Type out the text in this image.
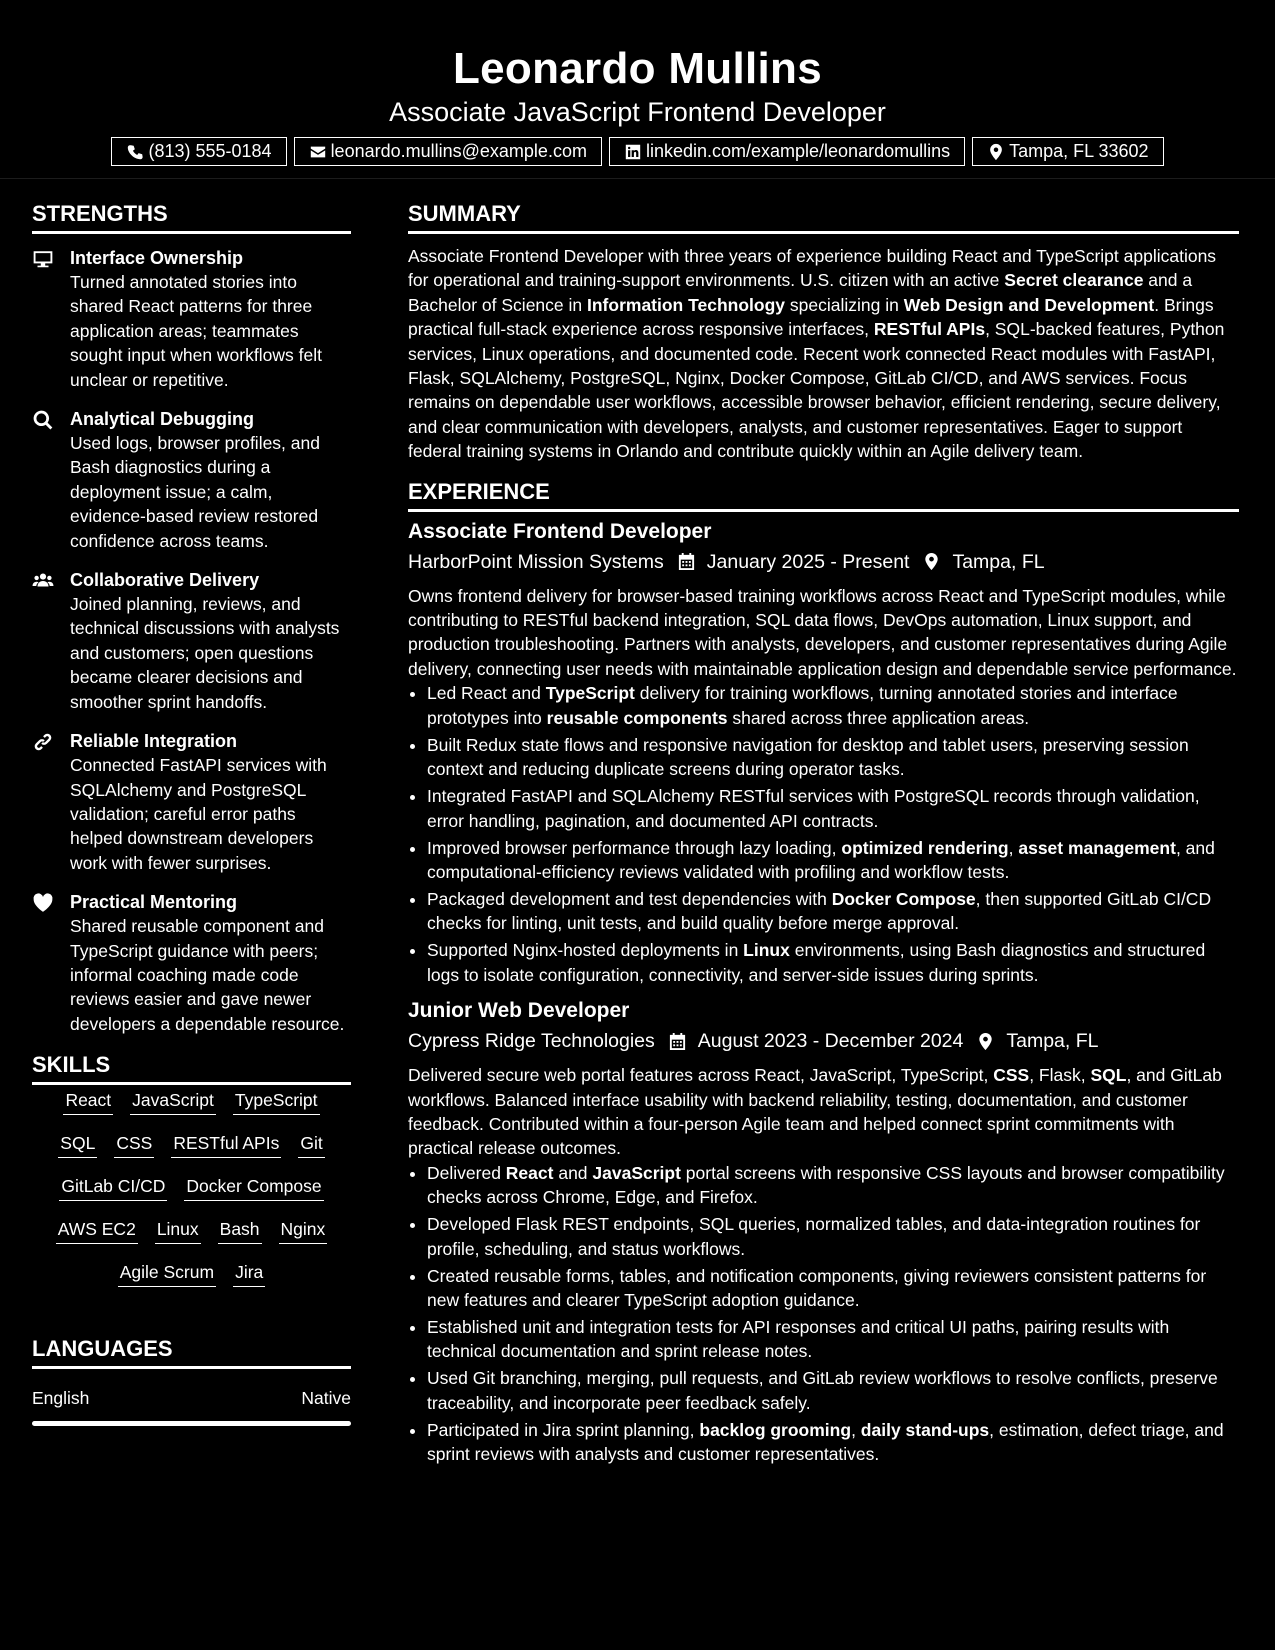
Leonardo Mullins
Associate JavaScript Frontend Developer
(813) 555-0184	leonardo.mullins@example.com	linkedin.com/example/leonardomullins	Tampa, FL 33602
STRENGTHS
Interface Ownership
Turned annotated stories into shared React patterns for three application areas; teammates sought input when workflows felt unclear or repetitive.
Analytical Debugging
Used logs, browser profiles, and Bash diagnostics during a deployment issue; a calm, evidence-based review restored confidence across teams.
Collaborative Delivery
Joined planning, reviews, and technical discussions with analysts and customers; open questions became clearer decisions and smoother sprint handoffs.
Reliable Integration
Connected FastAPI services with SQLAlchemy and PostgreSQL validation; careful error paths helped downstream developers work with fewer surprises.
Practical Mentoring
Shared reusable component and TypeScript guidance with peers; informal coaching made code reviews easier and gave newer developers a dependable resource.
SKILLS
React JavaScript TypeScript
SQL CSS RESTful APIs Git
GitLab CI/CD Docker Compose
AWS EC2 Linux Bash Nginx
Agile Scrum Jira
LANGUAGES
English	Native
SUMMARY

Associate Frontend Developer with three years of experience building React and TypeScript applications for operational and training-support environments. U.S. citizen with an active Secret clearance and a Bachelor of Science in Information Technology specializing in Web Design and Development. Brings practical full-stack experience across responsive interfaces, RESTful APIs, SQL-backed features, Python services, Linux operations, and documented code. Recent work connected React modules with FastAPI, Flask, SQLAlchemy, PostgreSQL, Nginx, Docker Compose, GitLab CI/CD, and AWS services. Focus remains on dependable user workflows, accessible browser behavior, efficient rendering, secure delivery, and clear communication with developers, analysts, and customer representatives. Eager to support federal training systems in Orlando and contribute quickly within an Agile delivery team.

EXPERIENCE
Associate Frontend Developer
HarborPoint Mission Systems January 2025 - Present Tampa, FL

Owns frontend delivery for browser-based training workflows across React and TypeScript modules, while contributing to RESTful backend integration, SQL data flows, DevOps automation, Linux support, and production troubleshooting. Partners with analysts, developers, and customer representatives during Agile delivery, connecting user needs with maintainable application design and dependable service performance.

• Led React and TypeScript delivery for training workflows, turning annotated stories and interface prototypes into reusable components shared across three application areas.
• Built Redux state flows and responsive navigation for desktop and tablet users, preserving session context and reducing duplicate screens during operator tasks.
• Integrated FastAPI and SQLAlchemy RESTful services with PostgreSQL records through validation, error handling, pagination, and documented API contracts.
• Improved browser performance through lazy loading, optimized rendering, asset management, and computational-efficiency reviews validated with profiling and workflow tests.
• Packaged development and test dependencies with Docker Compose, then supported GitLab CI/CD checks for linting, unit tests, and build quality before merge approval.
• Supported Nginx-hosted deployments in Linux environments, using Bash diagnostics and structured logs to isolate configuration, connectivity, and server-side issues during sprints.
Junior Web Developer
Cypress Ridge Technologies August 2023 - December 2024 Tampa, FL

Delivered secure web portal features across React, JavaScript, TypeScript, CSS, Flask, SQL, and GitLab workflows. Balanced interface usability with backend reliability, testing, documentation, and customer feedback. Contributed within a four-person Agile team and helped connect sprint commitments with practical release outcomes.

• Delivered React and JavaScript portal screens with responsive CSS layouts and browser compatibility checks across Chrome, Edge, and Firefox.
• Developed Flask REST endpoints, SQL queries, normalized tables, and data-integration routines for profile, scheduling, and status workflows.
• Created reusable forms, tables, and notification components, giving reviewers consistent patterns for new features and clearer TypeScript adoption guidance.
• Established unit and integration tests for API responses and critical UI paths, pairing results with technical documentation and sprint release notes.
• Used Git branching, merging, pull requests, and GitLab review workflows to resolve conflicts, preserve traceability, and incorporate peer feedback safely.
• Participated in Jira sprint planning, backlog grooming, daily stand-ups, estimation, defect triage, and sprint reviews with analysts and customer representatives.
